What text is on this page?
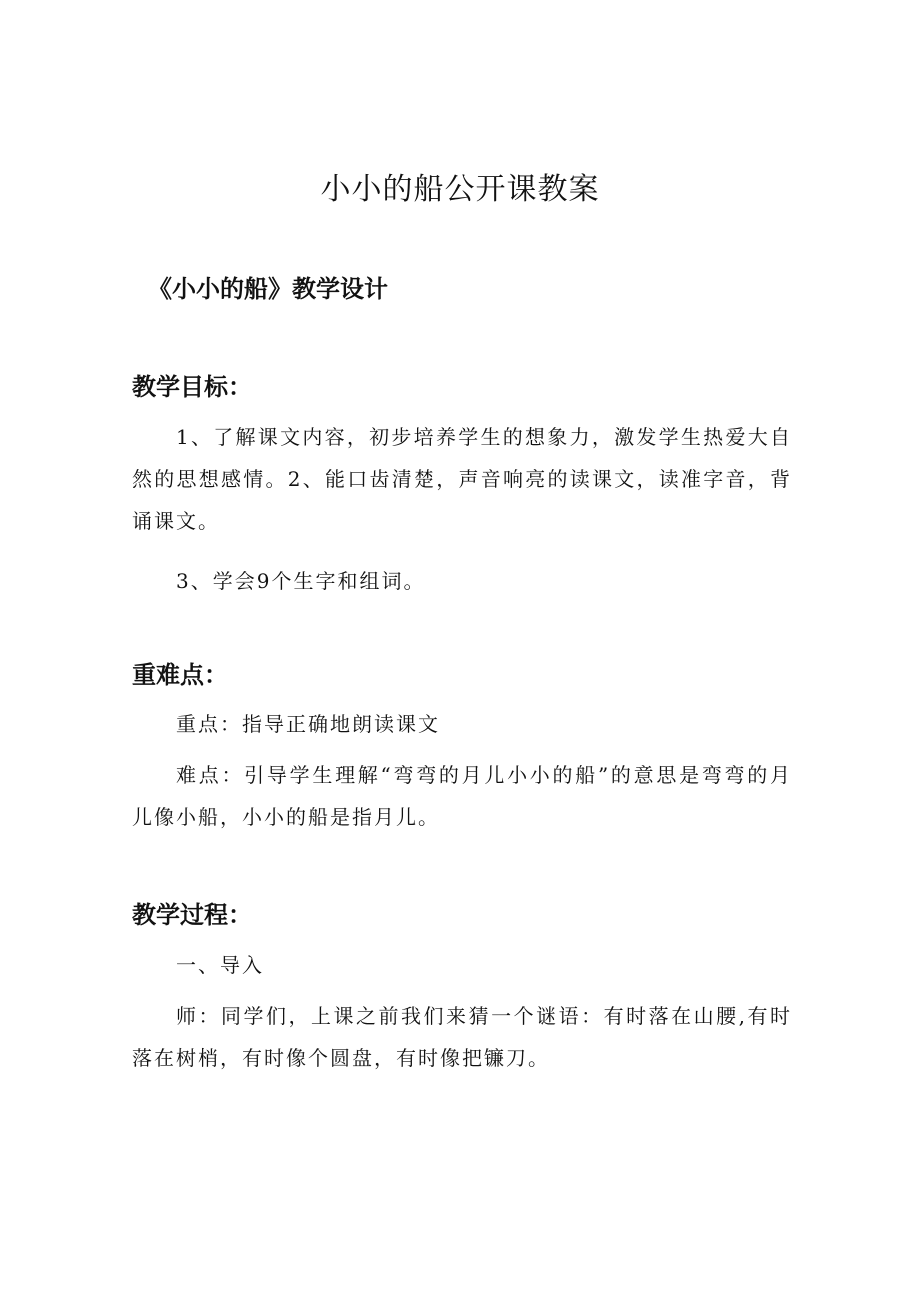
小小的船公开课教案
《小小的船》教学设计
教学目标：

1、了解课文内容，初步培养学生的想象力，激发学生热爱大自然的思想感情。2、能口齿清楚，声音响亮的读课文，读准字音，背诵课文。

3、学会9个生字和组词。

重难点：

重点：指导正确地朗读课文

难点：引导学生理解“弯弯的月儿小小的船”的意思是弯弯的月儿像小船，小小的船是指月儿。

教学过程：

一、导入

师：同学们，上课之前我们来猜一个谜语：有时落在山腰,有时落在树梢，有时像个圆盘，有时像把镰刀。
